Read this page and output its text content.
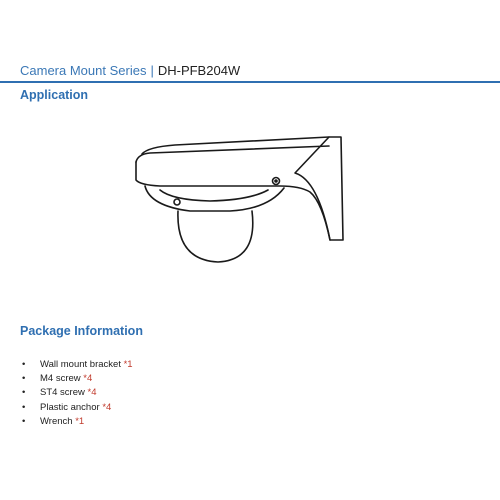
Camera Mount Series | DH-PFB204W
Application
Package Information
• Wall mount bracket *1
• M4 screw *4
• ST4 screw *4
• Plastic anchor *4
• Wrench *1
